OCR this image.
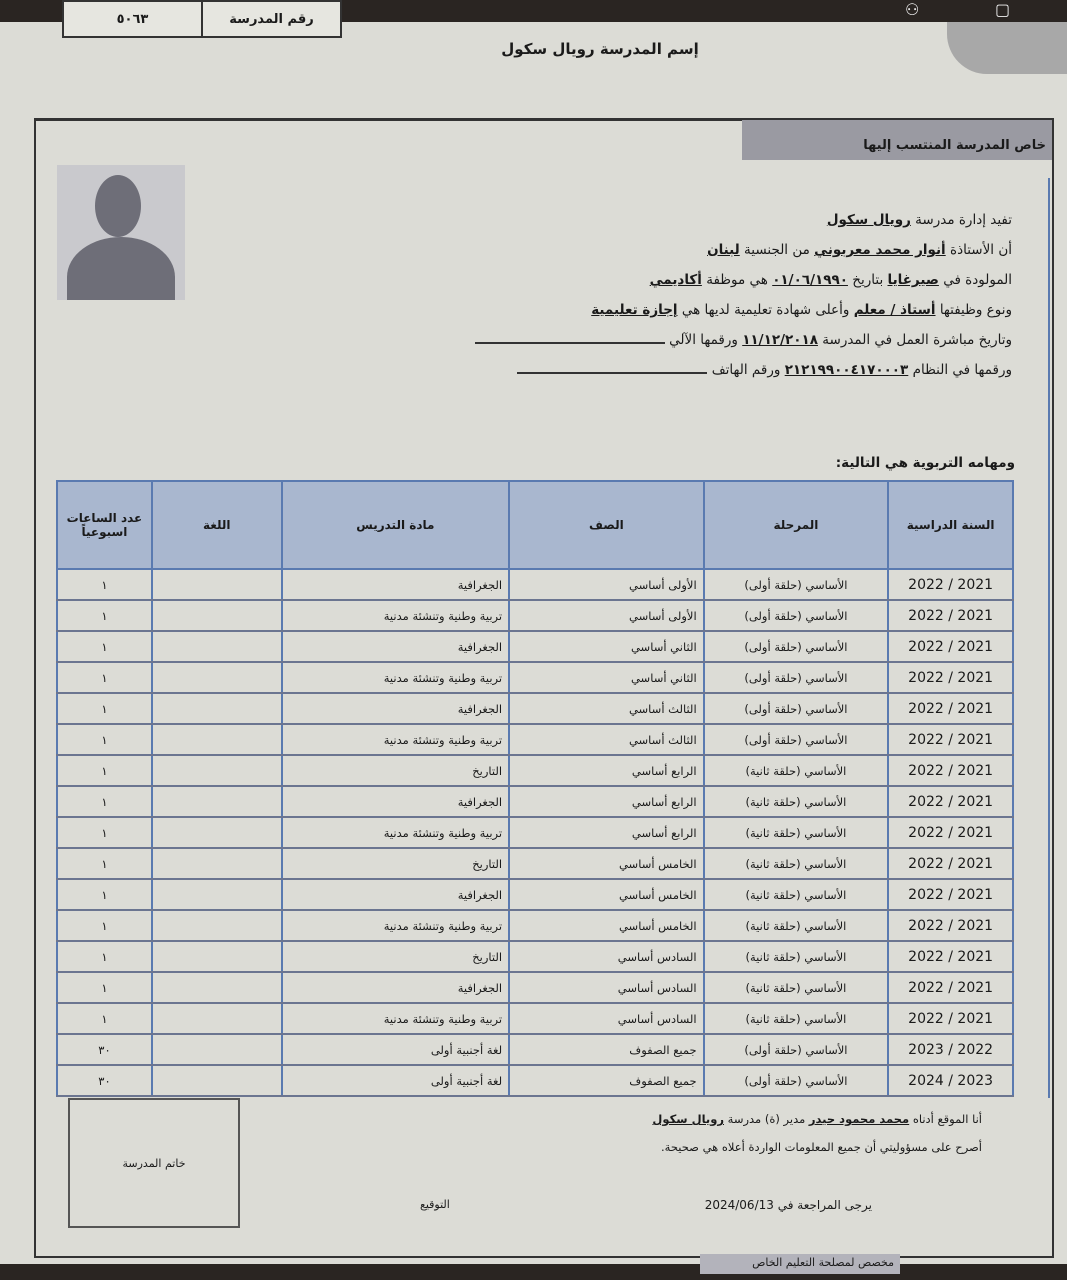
⚇	▢
٥٠٦٣	رقم المدرسة
إسم المدرسة رويال سكول
خاص المدرسة المنتسب إليها
تفيد إدارة مدرسة رويال سكول
أن الأستاذة أنوار محمد معربوني من الجنسية لبنان
المولودة في صيرغايا بتاريخ ٠١/٠٦/١٩٩٠ هي موظفة أكاديمي
ونوع وظيفتها أستاذ / معلم وأعلى شهادة تعليمية لديها هي إجازة تعليمية
وتاريخ مباشرة العمل في المدرسة ١١/١٢/٢٠١٨ ورقمها الآلي
ورقمها في النظام ٢١٢١٩٩٠٠٤١٧٠٠٠٣ ورقم الهاتف
ومهامه التربوية هي التالية:
السنة الدراسية	المرحلة	الصف	مادة التدريس	اللغة	عدد الساعات اسبوعياً
2021 / 2022	الأساسي (حلقة أولى)	الأولى أساسي	الجغرافية		١
2021 / 2022	الأساسي (حلقة أولى)	الأولى أساسي	تربية وطنية وتنشئة مدنية		١
2021 / 2022	الأساسي (حلقة أولى)	الثاني أساسي	الجغرافية		١
2021 / 2022	الأساسي (حلقة أولى)	الثاني أساسي	تربية وطنية وتنشئة مدنية		١
2021 / 2022	الأساسي (حلقة أولى)	الثالث أساسي	الجغرافية		١
2021 / 2022	الأساسي (حلقة أولى)	الثالث أساسي	تربية وطنية وتنشئة مدنية		١
2021 / 2022	الأساسي (حلقة ثانية)	الرابع أساسي	التاريخ		١
2021 / 2022	الأساسي (حلقة ثانية)	الرابع أساسي	الجغرافية		١
2021 / 2022	الأساسي (حلقة ثانية)	الرابع أساسي	تربية وطنية وتنشئة مدنية		١
2021 / 2022	الأساسي (حلقة ثانية)	الخامس أساسي	التاريخ		١
2021 / 2022	الأساسي (حلقة ثانية)	الخامس أساسي	الجغرافية		١
2021 / 2022	الأساسي (حلقة ثانية)	الخامس أساسي	تربية وطنية وتنشئة مدنية		١
2021 / 2022	الأساسي (حلقة ثانية)	السادس أساسي	التاريخ		١
2021 / 2022	الأساسي (حلقة ثانية)	السادس أساسي	الجغرافية		١
2021 / 2022	الأساسي (حلقة ثانية)	السادس أساسي	تربية وطنية وتنشئة مدنية		١
2022 / 2023	الأساسي (حلقة أولى)	جميع الصفوف	لغة أجنبية أولى		٣٠
2023 / 2024	الأساسي (حلقة أولى)	جميع الصفوف	لغة أجنبية أولى		٣٠
خاتم المدرسة
أنا الموقع أدناه محمد محمود حيدر مدير (ة) مدرسة رويال سكول
أصرح على مسؤوليتي أن جميع المعلومات الواردة أعلاه هي صحيحة.
التوقيع	يرجى المراجعة في 2024/06/13
مخصص لمصلحة التعليم الخاص
